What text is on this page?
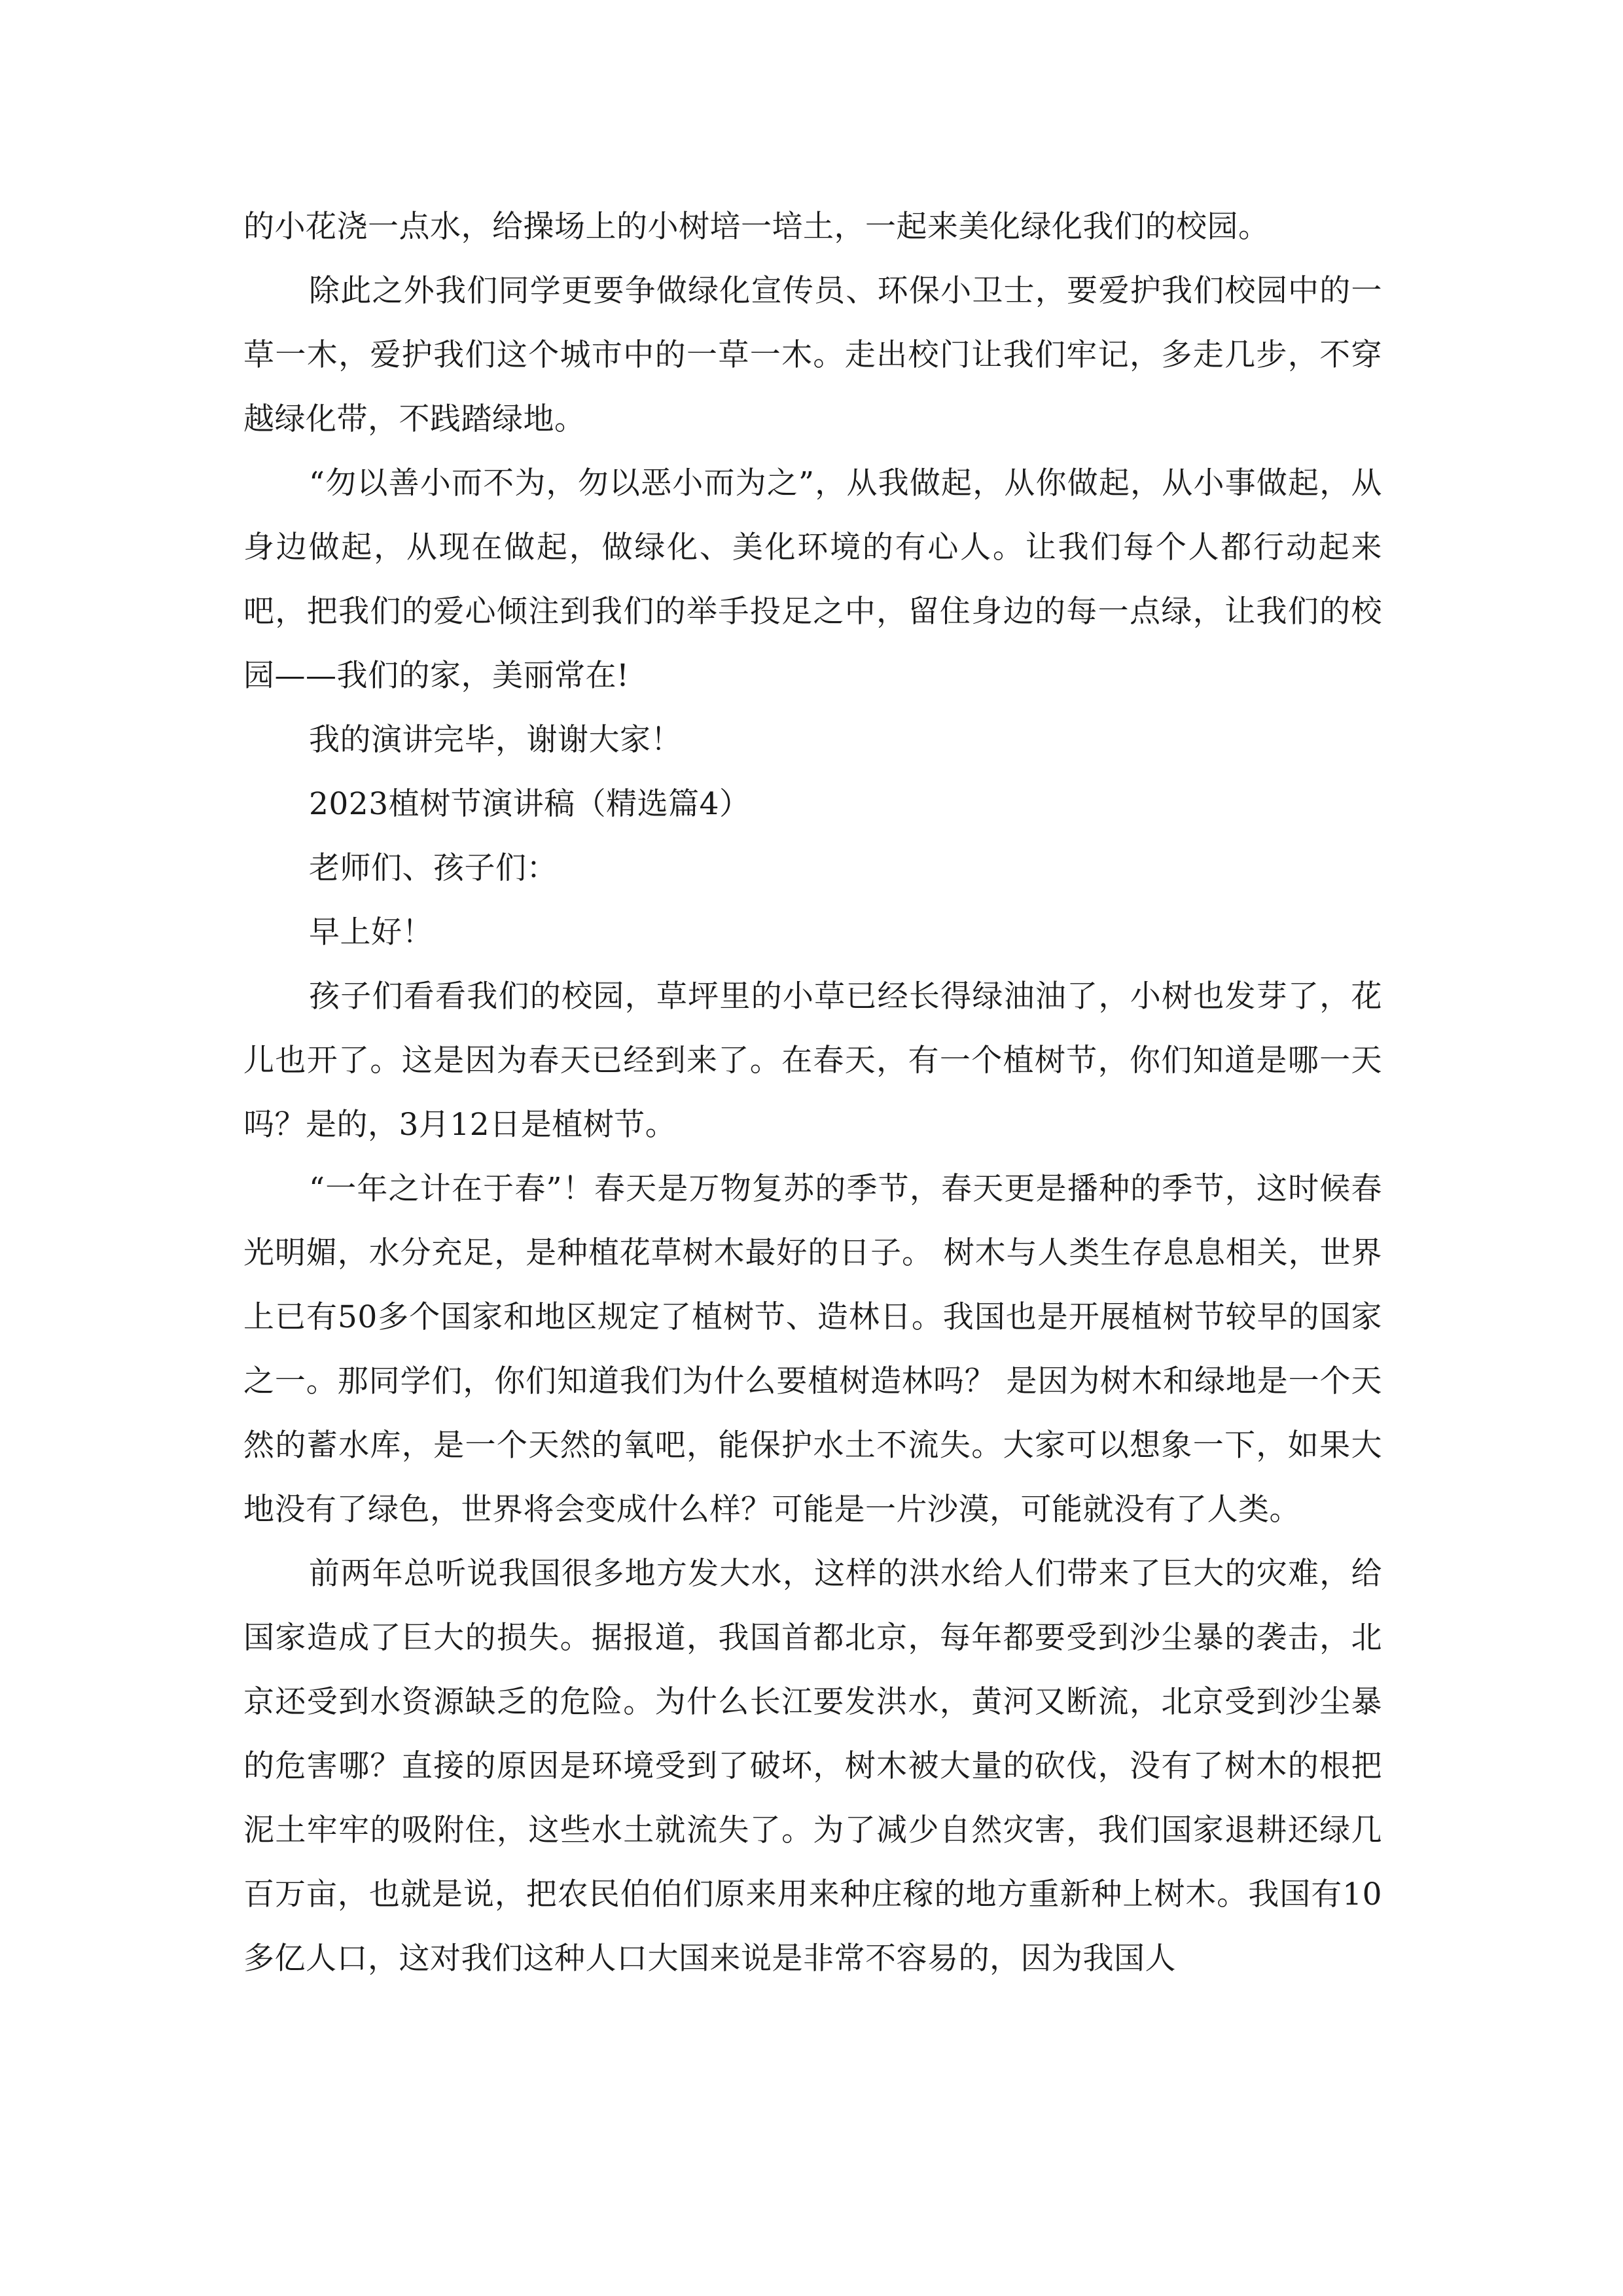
的小花浇一点水，给操场上的小树培一培土，一起来美化绿化我们的校园。

除此之外我们同学更要争做绿化宣传员、环保小卫士，要爱护我们校园中的一草一木，爱护我们这个城市中的一草一木。走出校门让我们牢记，多走几步，不穿越绿化带，不践踏绿地。

“勿以善小而不为，勿以恶小而为之”，从我做起，从你做起，从小事做起，从身边做起，从现在做起，做绿化、美化环境的有心人。让我们每个人都行动起来吧，把我们的爱心倾注到我们的举手投足之中，留住身边的每一点绿，让我们的校园——我们的家，美丽常在!

我的演讲完毕，谢谢大家！

2023植树节演讲稿（精选篇4）

老师们、孩子们：

早上好！

孩子们看看我们的校园，草坪里的小草已经长得绿油油了，小树也发芽了，花儿也开了。这是因为春天已经到来了。在春天，有一个植树节，你们知道是哪一天吗？是的，3月12日是植树节。

“一年之计在于春”！春天是万物复苏的季节，春天更是播种的季节，这时候春光明媚，水分充足，是种植花草树木最好的日子。 树木与人类生存息息相关，世界上已有50多个国家和地区规定了植树节、造林日。我国也是开展植树节较早的国家之一。那同学们，你们知道我们为什么要植树造林吗？ 是因为树木和绿地是一个天然的蓄水库，是一个天然的氧吧，能保护水土不流失。大家可以想象一下，如果大地没有了绿色，世界将会变成什么样？可能是一片沙漠，可能就没有了人类。

前两年总听说我国很多地方发大水，这样的洪水给人们带来了巨大的灾难，给国家造成了巨大的损失。据报道，我国首都北京，每年都要受到沙尘暴的袭击，北京还受到水资源缺乏的危险。为什么长江要发洪水，黄河又断流，北京受到沙尘暴的危害哪？直接的原因是环境受到了破坏，树木被大量的砍伐，没有了树木的根把泥土牢牢的吸附住，这些水土就流失了。为了减少自然灾害，我们国家退耕还绿几百万亩，也就是说，把农民伯伯们原来用来种庄稼的地方重新种上树木。我国有10多亿人口，这对我们这种人口大国来说是非常不容易的，因为我国人
